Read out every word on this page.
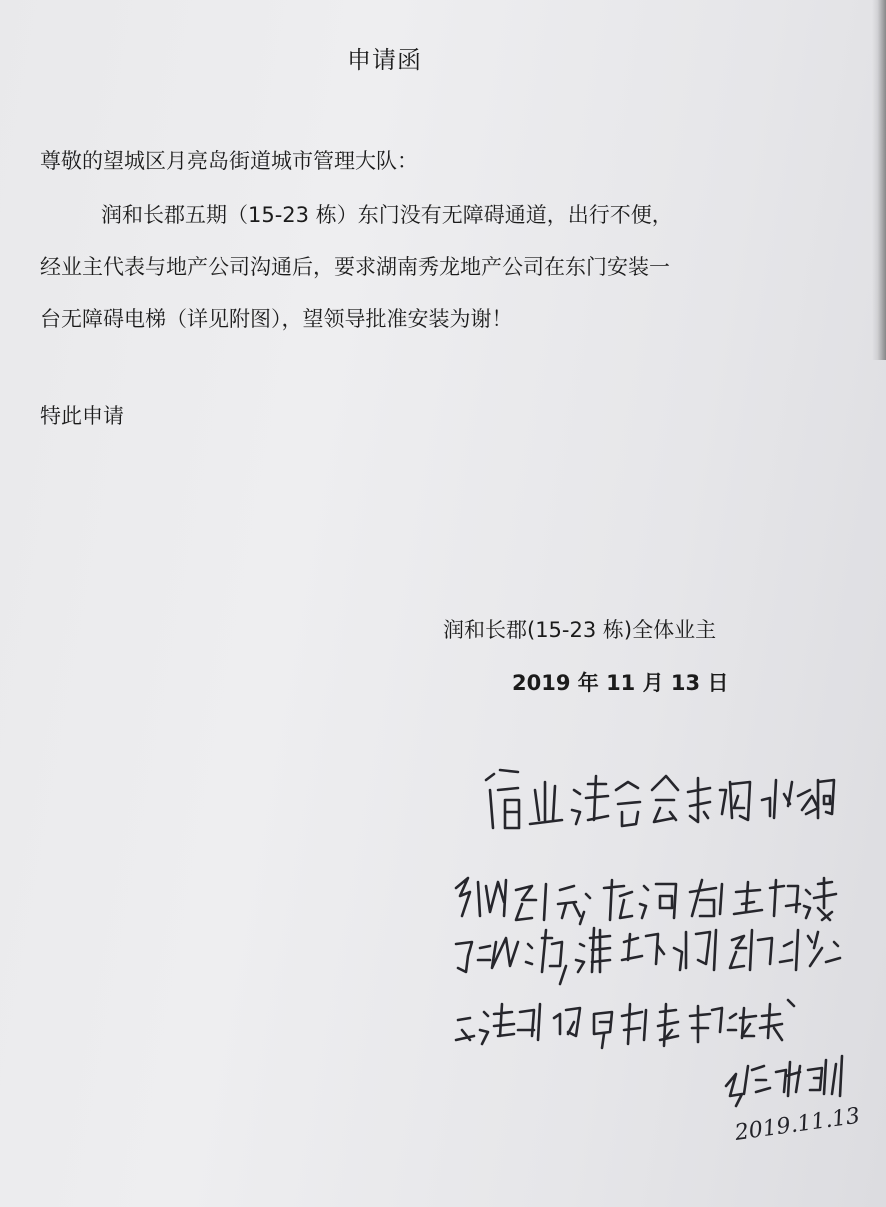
申请函
尊敬的望城区月亮岛街道城市管理大队：
润和长郡五期（15-23 栋）东门没有无障碍通道，出行不便，
经业主代表与地产公司沟通后，要求湖南秀龙地产公司在东门安装一
台无障碍电梯（详见附图），望领导批准安装为谢！
特此申请
润和长郡(15-23 栋)全体业主
2019 年 11 月 13 日
2019.11.13
